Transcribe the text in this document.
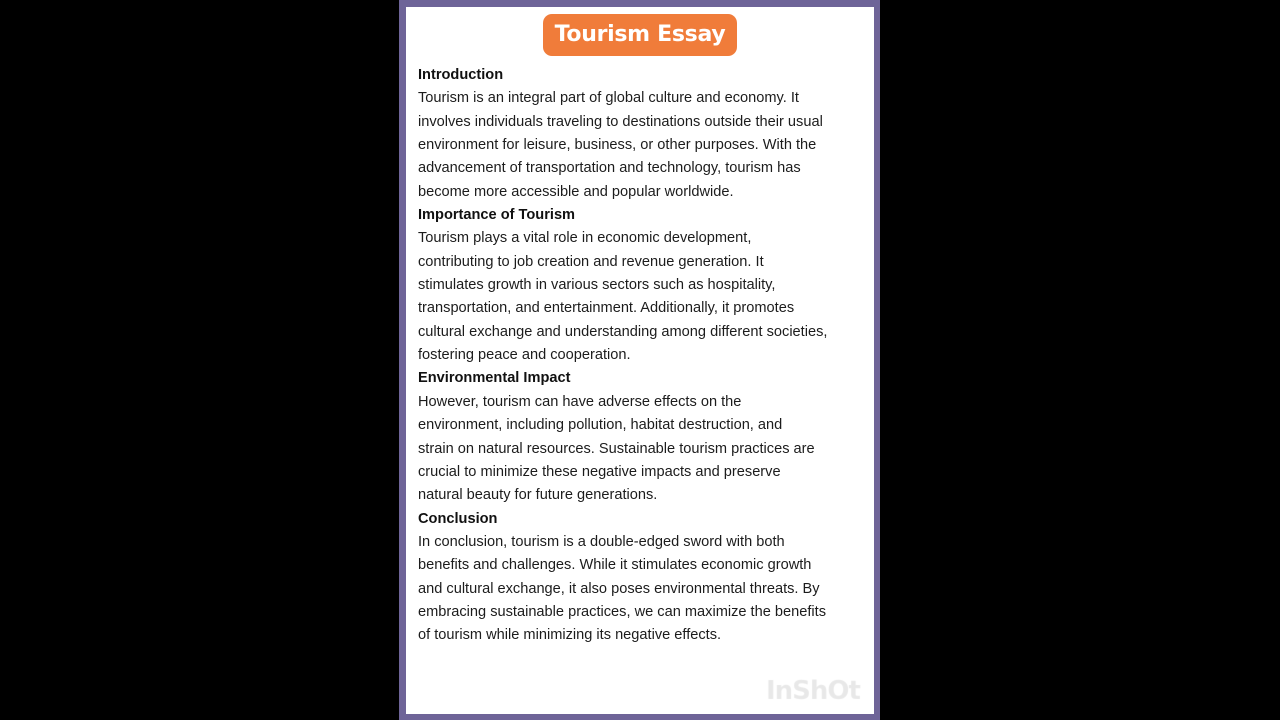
Tourism Essay
Introduction

Tourism is an integral part of global culture and economy. It
involves individuals traveling to destinations outside their usual
environment for leisure, business, or other purposes. With the
advancement of transportation and technology, tourism has
become more accessible and popular worldwide.

Importance of Tourism

Tourism plays a vital role in economic development,
contributing to job creation and revenue generation. It
stimulates growth in various sectors such as hospitality,
transportation, and entertainment. Additionally, it promotes
cultural exchange and understanding among different societies,
fostering peace and cooperation.

Environmental Impact

However, tourism can have adverse effects on the
environment, including pollution, habitat destruction, and
strain on natural resources. Sustainable tourism practices are
crucial to minimize these negative impacts and preserve
natural beauty for future generations.

Conclusion

In conclusion, tourism is a double-edged sword with both
benefits and challenges. While it stimulates economic growth
and cultural exchange, it also poses environmental threats. By
embracing sustainable practices, we can maximize the benefits
of tourism while minimizing its negative effects.

InShOt
